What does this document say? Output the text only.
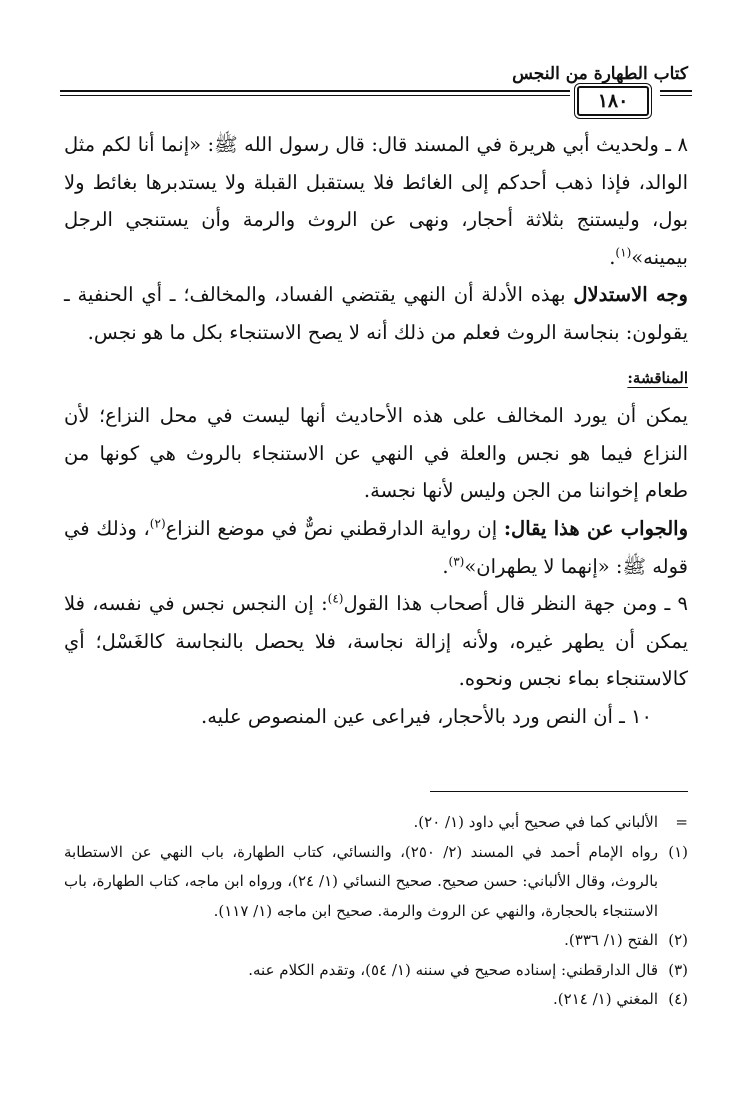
١٨٠
كتاب الطهارة من النجس

٨ ـ ولحديث أبي هريرة في المسند قال: قال رسول الله ﷺ: «إنما أنا لكم مثل الوالد، فإذا ذهب أحدكم إلى الغائط فلا يستقبل القبلة ولا يستدبرها بغائط ولا بول، وليستنج بثلاثة أحجار، ونهى عن الروث والرمة وأن يستنجي الرجل بيمينه»$^{(١)}$.

وجه الاستدلال بهذه الأدلة أن النهي يقتضي الفساد، والمخالف؛ ـ أي الحنفية ـ يقولون: بنجاسة الروث فعلم من ذلك أنه لا يصح الاستنجاء بكل ما هو نجس.

المناقشة:

يمكن أن يورد المخالف على هذه الأحاديث أنها ليست في محل النزاع؛ لأن النزاع فيما هو نجس والعلة في النهي عن الاستنجاء بالروث هي كونها من طعام إخواننا من الجن وليس لأنها نجسة.

والجواب عن هذا يقال: إن رواية الدارقطني نصٌّ في موضع النزاع$^{(٢)}$، وذلك في قوله ﷺ: «إنهما لا يطهران»$^{(٣)}$.

٩ ـ ومن جهة النظر قال أصحاب هذا القول$^{(٤)}$: إن النجس نجس في نفسه، فلا يمكن أن يطهر غيره، ولأنه إزالة نجاسة، فلا يحصل بالنجاسة كالغَسْل؛ أي كالاستنجاء بماء نجس ونحوه.

١٠ ـ أن النص ورد بالأحجار، فيراعى عين المنصوص عليه.

=
الألباني كما في صحيح أبي داود (١/ ٢٠).
(١)
رواه الإمام أحمد في المسند (٢/ ٢٥٠)، والنسائي، كتاب الطهارة، باب النهي عن الاستطابة بالروث، وقال الألباني: حسن صحيح. صحيح النسائي (١/ ٢٤)، ورواه ابن ماجه، كتاب الطهارة، باب الاستنجاء بالحجارة، والنهي عن الروث والرمة. صحيح ابن ماجه (١/ ١١٧).
(٢)
الفتح (١/ ٣٣٦).
(٣)
قال الدارقطني: إسناده صحيح في سننه (١/ ٥٤)، وتقدم الكلام عنه.
(٤)
المغني (١/ ٢١٤).
